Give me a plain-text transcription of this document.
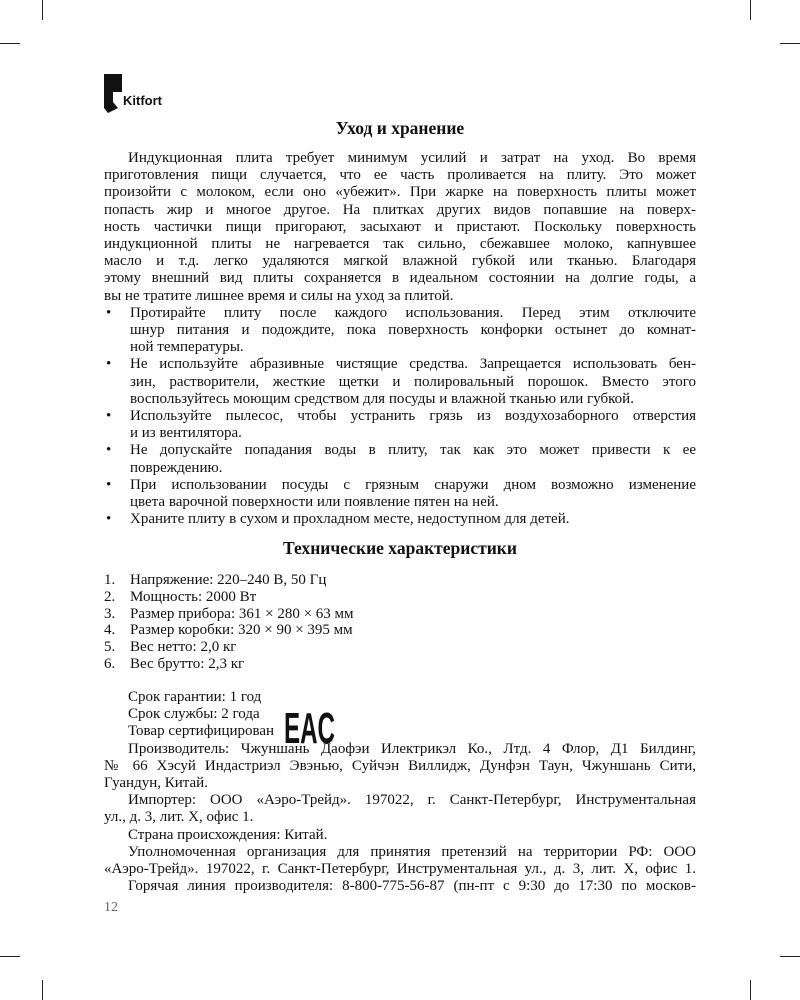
Kitfort
Уход и хранение
Индукционная плита требует минимум усилий и затрат на уход. Во время
приготовления пищи случается, что ее часть проливается на плиту. Это может
произойти с молоком, если оно «убежит». При жарке на поверхность плиты может
попасть жир и многое другое. На плитках других видов попавшие на поверх-
ность частички пищи пригорают, засыхают и пристают. Поскольку поверхность
индукционной плиты не нагревается так сильно, сбежавшее молоко, капнувшее
масло и т.д. легко удаляются мягкой влажной губкой или тканью. Благодаря
этому внешний вид плиты сохраняется в идеальном состоянии на долгие годы, а
вы не тратите лишнее время и силы на уход за плитой.
• Протирайте плиту после каждого использования. Перед этим отключите
шнур питания и подождите, пока поверхность конфорки остынет до комнат-
ной температуры.
• Не используйте абразивные чистящие средства. Запрещается использовать бен-
зин, растворители, жесткие щетки и полировальный порошок. Вместо этого
воспользуйтесь моющим средством для посуды и влажной тканью или губкой.
• Используйте пылесос, чтобы устранить грязь из воздухозаборного отверстия
и из вентилятора.
• Не допускайте попадания воды в плиту, так как это может привести к ее
повреждению.
• При использовании посуды с грязным снаружи дном возможно изменение
цвета варочной поверхности или появление пятен на ней.
• Храните плиту в сухом и прохладном месте, недоступном для детей.
Технические характеристики
1. Напряжение: 220–240 В, 50 Гц
2. Мощность: 2000 Вт
3. Размер прибора: 361 × 280 × 63 мм
4. Размер коробки: 320 × 90 × 395 мм
5. Вес нетто: 2,0 кг
6. Вес брутто: 2,3 кг
Срок гарантии: 1 год
Срок службы: 2 года
Товар сертифицирован
Производитель: Чжуншань Даофэи Илектрикэл Ко., Лтд. 4 Флор, Д1 Билдинг,
№ 66 Хэсуй Индастриэл Эвэнью, Суйчэн Виллидж, Дунфэн Таун, Чжуншань Сити,
Гуандун, Китай.
Импортер: ООО «Аэро-Трейд». 197022, г. Санкт-Петербург, Инструментальная
ул., д. 3, лит. Х, офис 1.
Страна происхождения: Китай.
Уполномоченная организация для принятия претензий на территории РФ: ООО
«Аэро-Трейд». 197022, г. Санкт-Петербург, Инструментальная ул., д. 3, лит. Х, офис 1.
Горячая линия производителя: 8-800-775-56-87 (пн-пт с 9:30 до 17:30 по москов-
EAC
12
